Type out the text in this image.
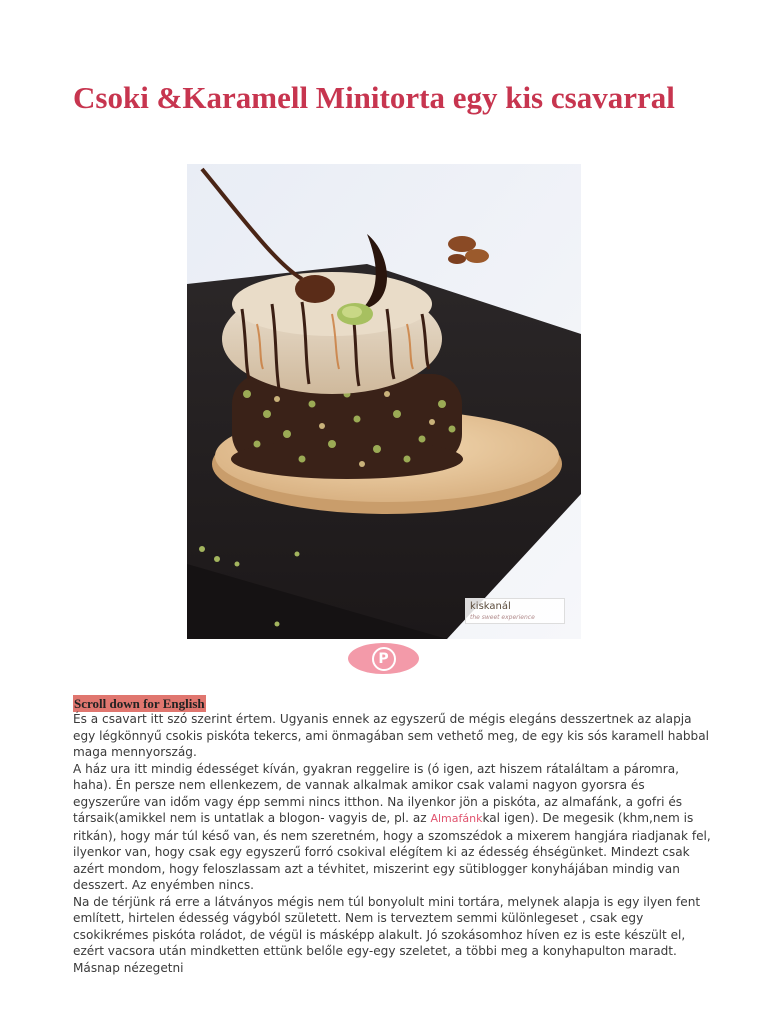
Csoki &Karamell Minitorta egy kis csavarral
kiskanál
the sweet experience
P
Scroll down for English

És a csavart itt szó szerint értem. Ugyanis ennek az egyszerű de mégis elegáns desszertnek az alapja egy légkönnyű csokis piskóta tekercs, ami önmagában sem vethető meg, de egy kis sós karamell habbal maga mennyország.

A ház ura itt mindig édességet kíván, gyakran reggelire is (ó igen, azt hiszem rátaláltam a páromra, haha). Én persze nem ellenkezem, de vannak alkalmak amikor csak valami nagyon gyorsra és egyszerűre van időm vagy épp semmi nincs itthon. Na ilyenkor jön a piskóta, az almafánk, a gofri és társaik(amikkel nem is untatlak a blogon- vagyis de, pl. az Almafánkkal igen). De megesik (khm,nem is ritkán), hogy már túl késő van, és nem szeretném, hogy a szomszédok a mixerem hangjára riadjanak fel, ilyenkor van, hogy csak egy egyszerű forró csokival elégítem ki az édesség éhségünket. Mindezt csak azért mondom, hogy feloszlassam azt a tévhitet, miszerint egy sütiblogger konyhájában mindig van desszert. Az enyémben nincs.

Na de térjünk rá erre a látványos mégis nem túl bonyolult mini tortára, melynek alapja is egy ilyen fent említett, hirtelen édesség vágyból született. Nem is terveztem semmi különlegeset , csak egy csokikrémes piskóta roládot, de végül is másképp alakult. Jó szokásomhoz híven ez is este készült el, ezért vacsora után mindketten ettünk belőle egy-egy szeletet, a többi meg a konyhapulton maradt. Másnap nézegetni
